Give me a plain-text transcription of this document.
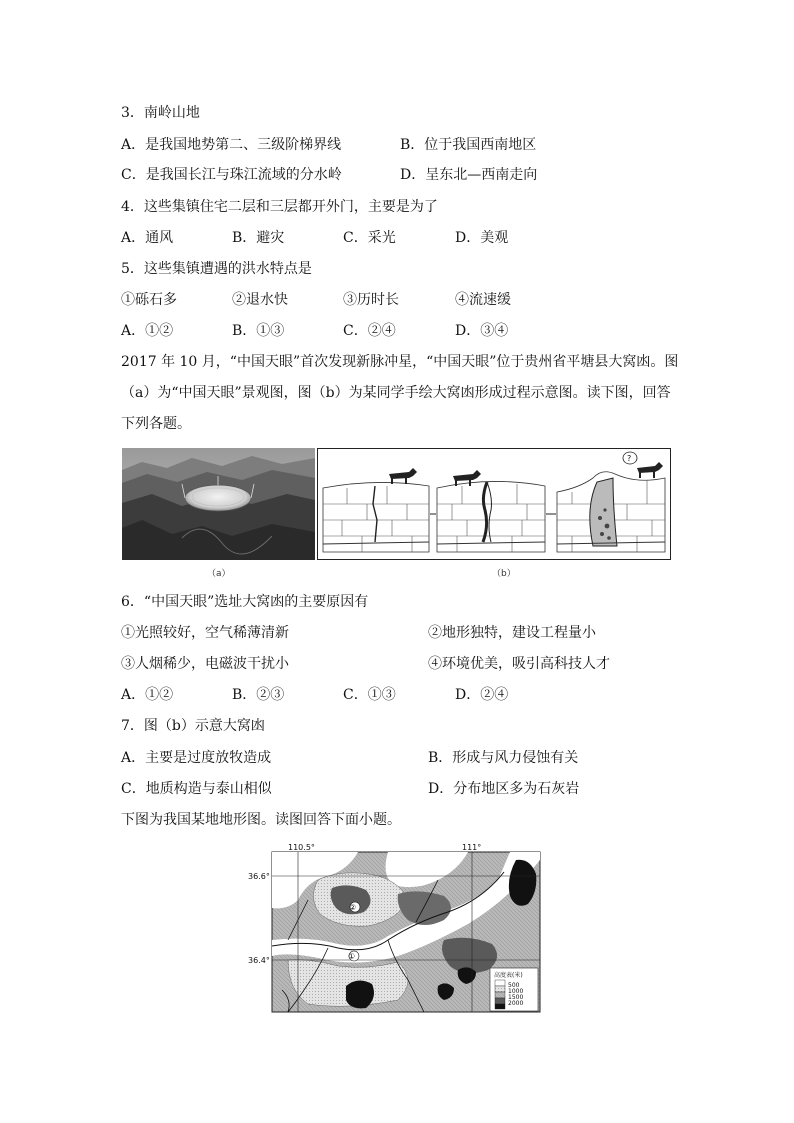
3．南岭山地
A．是我国地势第二、三级阶梯界线	B．位于我国西南地区
C．是我国长江与珠江流域的分水岭	D．呈东北—西南走向
4．这些集镇住宅二层和三层都开外门，主要是为了
A．通风	B．避灾	C．采光	D．美观
5．这些集镇遭遇的洪水特点是
①砾石多	②退水快	③历时长	④流速缓
A．①②	B．①③	C．②④	D．③④
2017 年 10 月，“中国天眼”首次发现新脉冲星，“中国天眼”位于贵州省平塘县大窝凼。图
（a）为“中国天眼”景观图，图（b）为某同学手绘大窝凼形成过程示意图。读下图，回答
下列各题。
（a）
?
（b）
6．“中国天眼”选址大窝凼的主要原因有
①光照较好，空气稀薄清新	②地形独特，建设工程量小
③人烟稀少，电磁波干扰小	④环境优美，吸引高科技人才
A．①②	B．②③	C．①③	D．②④
7．图（b）示意大窝凼
A．主要是过度放牧造成	B．形成与风力侵蚀有关
C．地质构造与泰山相似	D．分布地区多为石灰岩
下图为我国某地地形图。读图回答下面小题。
110.5°	111°
36.6°
36.4°
②
①
高度表(米)
500
1000
1500
2000
